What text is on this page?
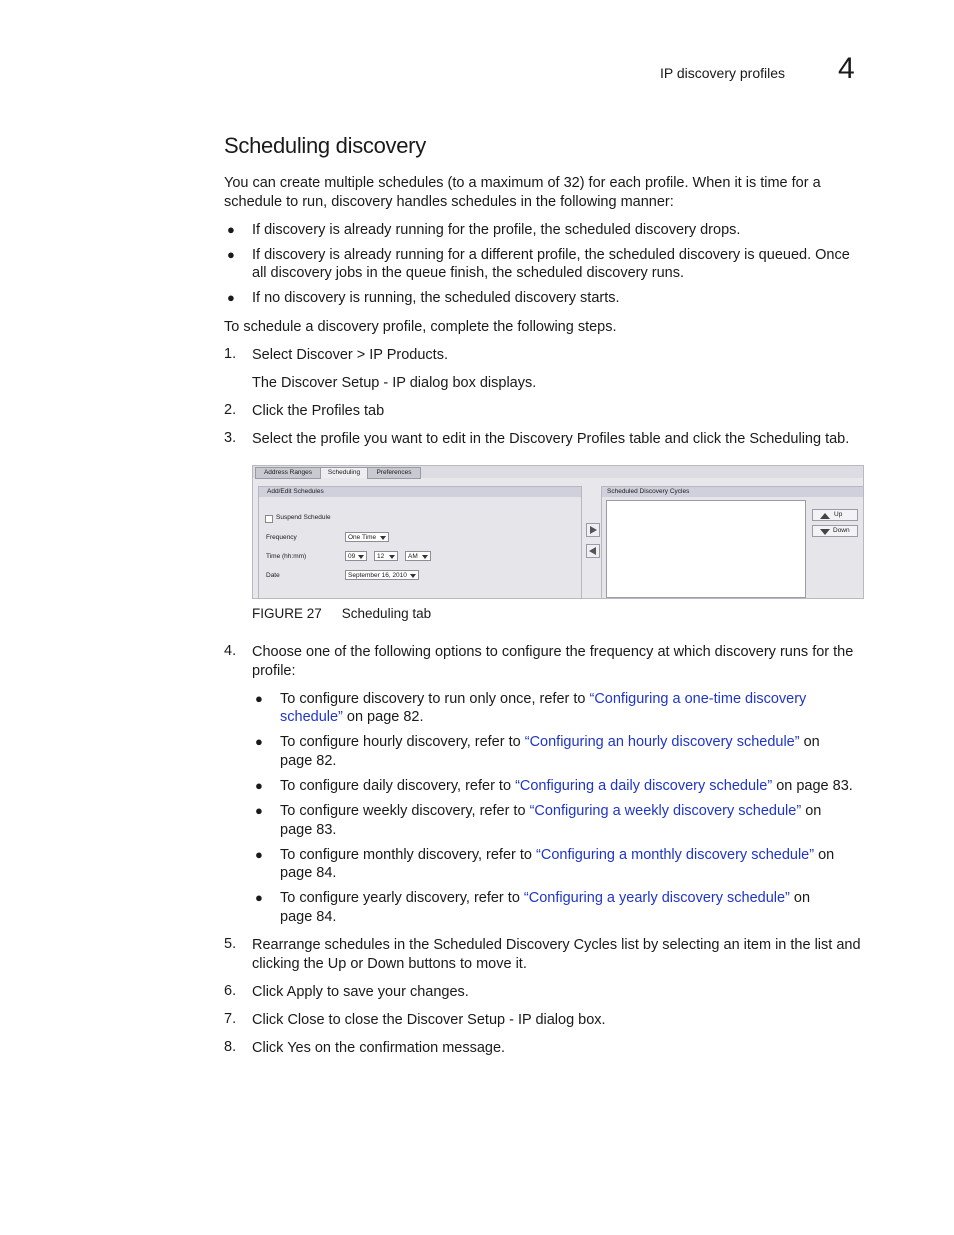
IP discovery profiles 4
Scheduling discovery
You can create multiple schedules (to a maximum of 32) for each profile. When it is time for a
schedule to run, discovery handles schedules in the following manner:
● If discovery is already running for the profile, the scheduled discovery drops.
● If discovery is already running for a different profile, the scheduled discovery is queued. Once
all discovery jobs in the queue finish, the scheduled discovery runs.
● If no discovery is running, the scheduled discovery starts.
To schedule a discovery profile, complete the following steps.
1. Select Discover > IP Products.
The Discover Setup - IP dialog box displays.
2. Click the Profiles tab
3. Select the profile you want to edit in the Discovery Profiles table and click the Scheduling tab.
Address Ranges	Scheduling	Preferences
Add/Edit Schedules
Suspend Schedule
Frequency	One Time
Time (hh:mm)	09	12	AM
Date	September 16, 2010
Scheduled Discovery Cycles
Up
Down
FIGURE 27 Scheduling tab
4. Choose one of the following options to configure the frequency at which discovery runs for the
profile:
● To configure discovery to run only once, refer to “Configuring a one-time discovery
schedule” on page 82.
● To configure hourly discovery, refer to “Configuring an hourly discovery schedule” on
page 82.
● To configure daily discovery, refer to “Configuring a daily discovery schedule” on page 83.
● To configure weekly discovery, refer to “Configuring a weekly discovery schedule” on
page 83.
● To configure monthly discovery, refer to “Configuring a monthly discovery schedule” on
page 84.
● To configure yearly discovery, refer to “Configuring a yearly discovery schedule” on
page 84.
5. Rearrange schedules in the Scheduled Discovery Cycles list by selecting an item in the list and
clicking the Up or Down buttons to move it.
6. Click Apply to save your changes.
7. Click Close to close the Discover Setup - IP dialog box.
8. Click Yes on the confirmation message.
